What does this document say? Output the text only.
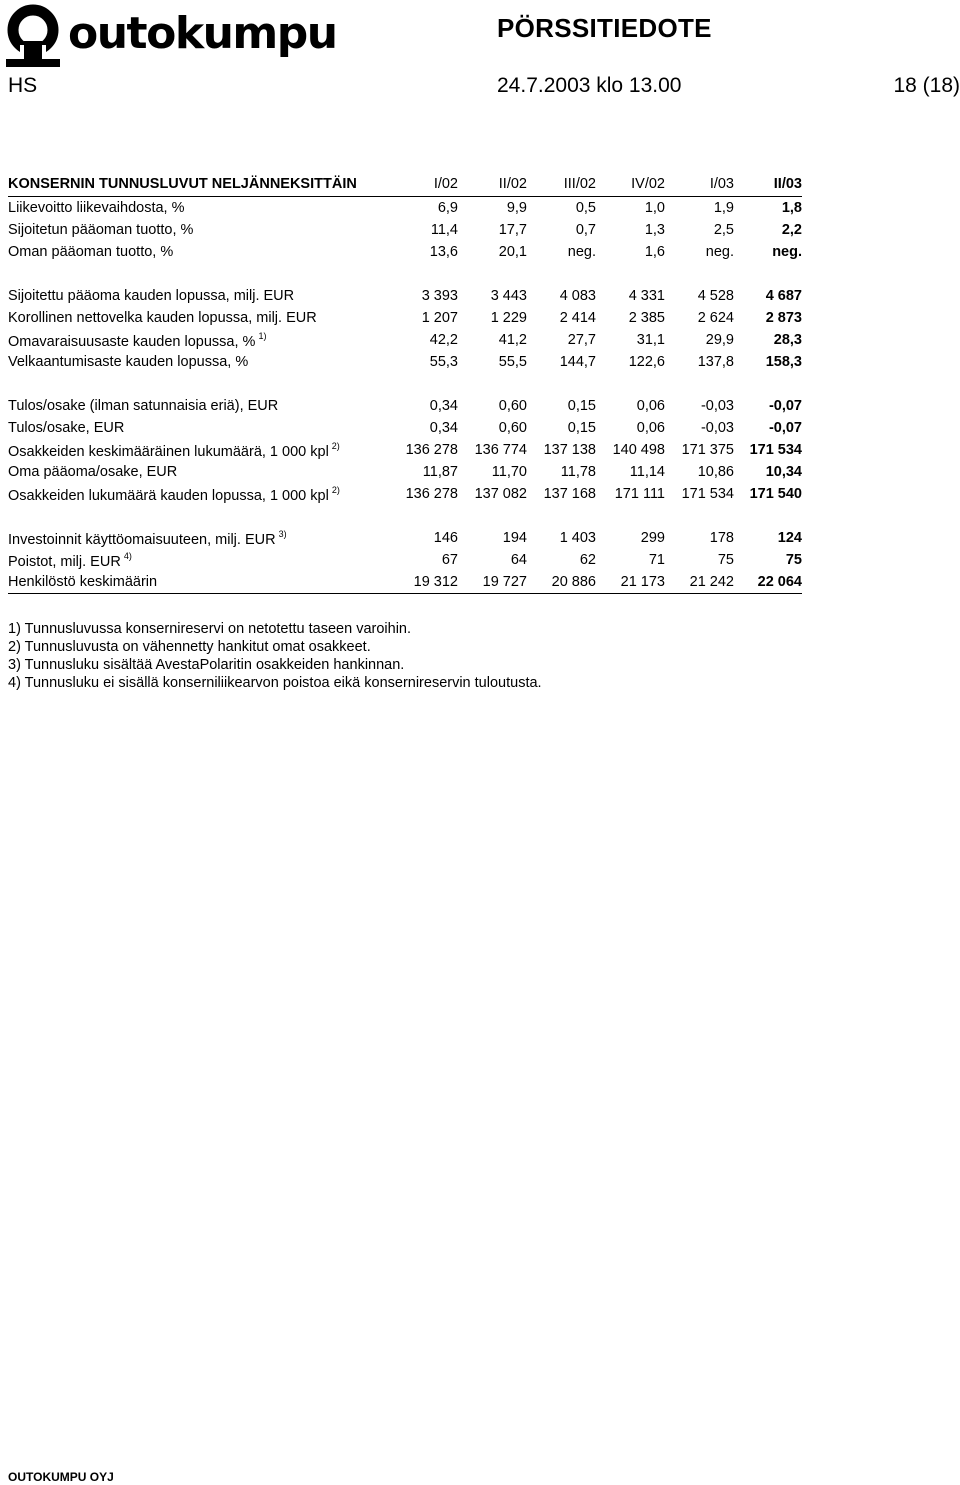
outokumpu	PÖRSSITIEDOTE
HS	24.7.2003 klo 13.00	18 (18)
KONSERNIN TUNNUSLUVUT NELJÄNNEKSITTÄIN	I/02	II/02	III/02	IV/02	I/03	II/03
Liikevoitto liikevaihdosta, %	6,9	9,9	0,5	1,0	1,9	1,8
Sijoitetun pääoman tuotto, %	11,4	17,7	0,7	1,3	2,5	2,2
Oman pääoman tuotto, %	13,6	20,1	neg.	1,6	neg.	neg.

Sijoitettu pääoma kauden lopussa, milj. EUR	3 393	3 443	4 083	4 331	4 528	4 687
Korollinen nettovelka kauden lopussa, milj. EUR	1 207	1 229	2 414	2 385	2 624	2 873
Omavaraisuusaste kauden lopussa, % $^{1)}$	42,2	41,2	27,7	31,1	29,9	28,3
Velkaantumisaste kauden lopussa, %	55,3	55,5	144,7	122,6	137,8	158,3

Tulos/osake (ilman satunnaisia eriä), EUR	0,34	0,60	0,15	0,06	-0,03	-0,07
Tulos/osake, EUR	0,34	0,60	0,15	0,06	-0,03	-0,07
Osakkeiden keskimääräinen lukumäärä, 1 000 kpl $^{2)}$	136 278	136 774	137 138	140 498	171 375	171 534
Oma pääoma/osake, EUR	11,87	11,70	11,78	11,14	10,86	10,34
Osakkeiden lukumäärä kauden lopussa, 1 000 kpl $^{2)}$	136 278	137 082	137 168	171 111	171 534	171 540

Investoinnit käyttöomaisuuteen, milj. EUR $^{3)}$	146	194	1 403	299	178	124
Poistot, milj. EUR $^{4)}$	67	64	62	71	75	75
Henkilöstö keskimäärin	19 312	19 727	20 886	21 173	21 242	22 064
1) Tunnusluvussa konsernireservi on netotettu taseen varoihin.
2) Tunnusluvusta on vähennetty hankitut omat osakkeet.
3) Tunnusluku sisältää AvestaPolaritin osakkeiden hankinnan.
4) Tunnusluku ei sisällä konserniliikearvon poistoa eikä konsernireservin tuloutusta.
OUTOKUMPU OYJ
